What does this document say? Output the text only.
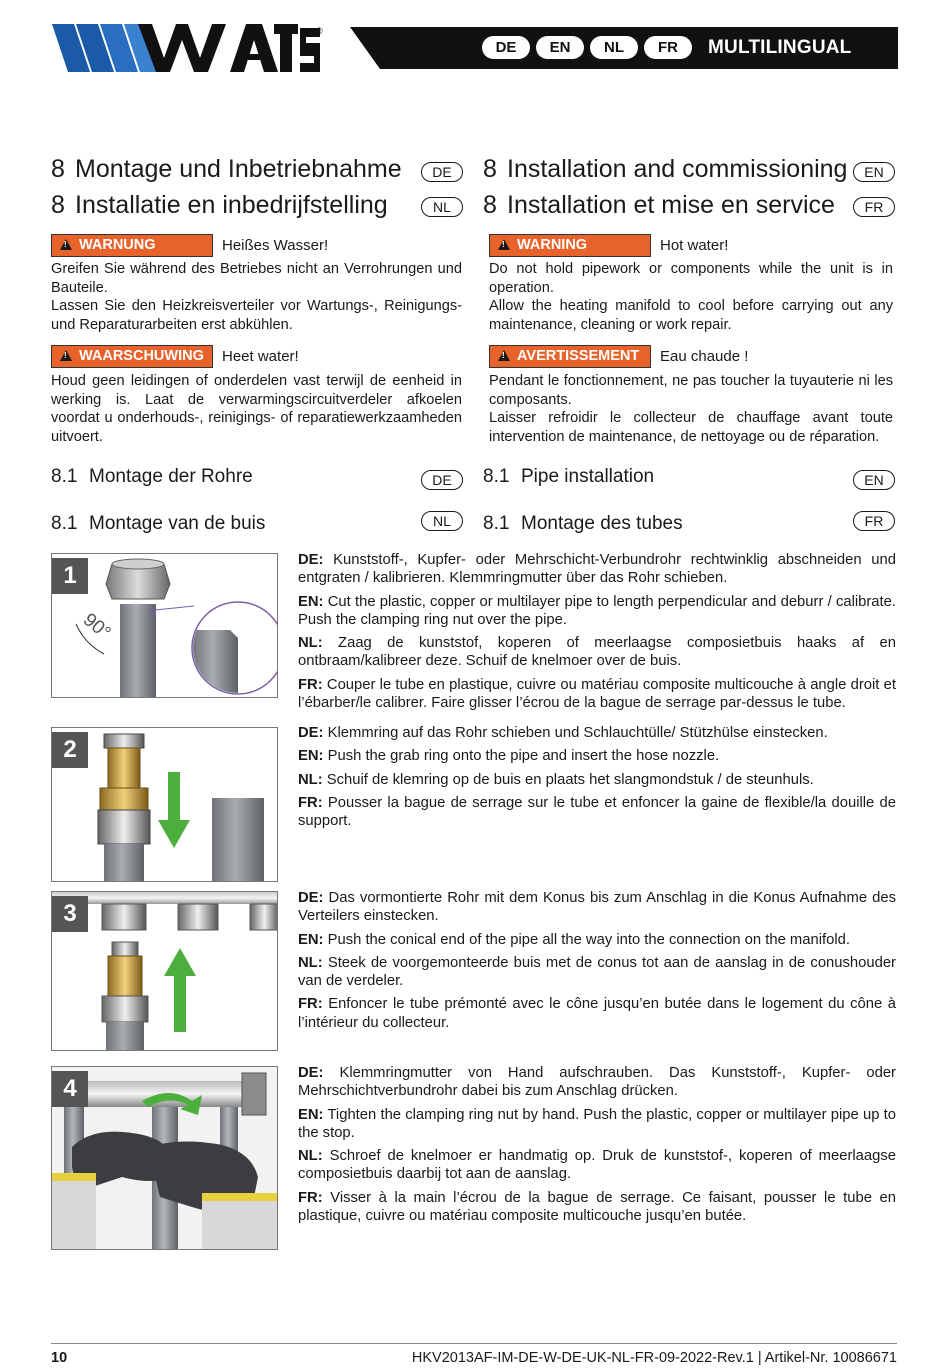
®
DE	EN	NL	FR	MULTILINGUAL
8 Montage und Inbetriebnahme	DE
8 Installatie en inbedrijfstelling	NL
8 Installation and commissioning	EN
8 Installation et mise en service	FR
!WARNUNG	Heißes Wasser!

Greifen Sie während des Betriebes nicht an Verrohrungen und Bauteile.

Lassen Sie den Heizkreisverteiler vor Wartungs-, Reinigungs- und Reparaturarbeiten erst abkühlen.

!WARNING	Hot water!

Do not hold pipework or components while the unit is in operation.

Allow the heating manifold to cool before carrying out any maintenance, cleaning or work repair.

!WAARSCHUWING	Heet water!

Houd geen leidingen of onderdelen vast terwijl de eenheid in werking is. Laat de verwarmingscircuitverdeler afkoelen voordat u onderhouds-, reinigings- of reparatiewerkzaamheden uitvoert.

!AVERTISSEMENT	Eau chaude !

Pendant le fonctionnement, ne pas toucher la tuyauterie ni les composants.

Laisser refroidir le collecteur de chauffage avant toute intervention de maintenance, de nettoyage ou de réparation.

8.1 Montage der Rohre	DE	8.1 Pipe installation	EN
8.1 Montage van de buis	NL	8.1 Montage des tubes	FR
1
90°

DE: Kunststoff-, Kupfer- oder Mehrschicht-Verbundrohr rechtwinklig abschneiden und entgraten / kalibrieren. Klemmringmutter über das Rohr schieben.

EN: Cut the plastic, copper or multilayer pipe to length perpendicular and deburr / calibrate. Push the clamping ring nut over the pipe.

NL: Zaag de kunststof, koperen of meerlaagse composietbuis haaks af en ontbraam/kalibreer deze. Schuif de knelmoer over de buis.

FR: Couper le tube en plastique, cuivre ou matériau composite multicouche à angle droit et l’ébarber/le calibrer. Faire glisser l’écrou de la bague de serrage par-dessus le tube.

2

DE: Klemmring auf das Rohr schieben und Schlauchtülle/ Stützhülse einstecken.

EN: Push the grab ring onto the pipe and insert the hose nozzle.

NL: Schuif de klemring op de buis en plaats het slangmondstuk / de steunhuls.

FR: Pousser la bague de serrage sur le tube et enfoncer la gaine de flexible/la douille de support.

3

DE: Das vormontierte Rohr mit dem Konus bis zum Anschlag in die Konus Aufnahme des Verteilers einstecken.

EN: Push the conical end of the pipe all the way into the connection on the manifold.

NL: Steek de voorgemonteerde buis met de conus tot aan de aanslag in de conushouder van de verdeler.

FR: Enfoncer le tube prémonté avec le cône jusqu’en butée dans le logement du cône à l’intérieur du collecteur.

4

DE: Klemmringmutter von Hand aufschrauben. Das Kunststoff-, Kupfer- oder Mehrschichtverbundrohr dabei bis zum Anschlag drücken.

EN: Tighten the clamping ring nut by hand. Push the plastic, copper or multilayer pipe up to the stop.

NL: Schroef de knelmoer er handmatig op. Druk de kunststof-, koperen of meerlaagse composietbuis daarbij tot aan de aanslag.

FR: Visser à la main l’écrou de la bague de serrage. Ce faisant, pousser le tube en plastique, cuivre ou matériau composite multicouche jusqu’en butée.

10	HKV2013AF-IM-DE-W-DE-UK-NL-FR-09-2022-Rev.1 | Artikel-Nr. 10086671
